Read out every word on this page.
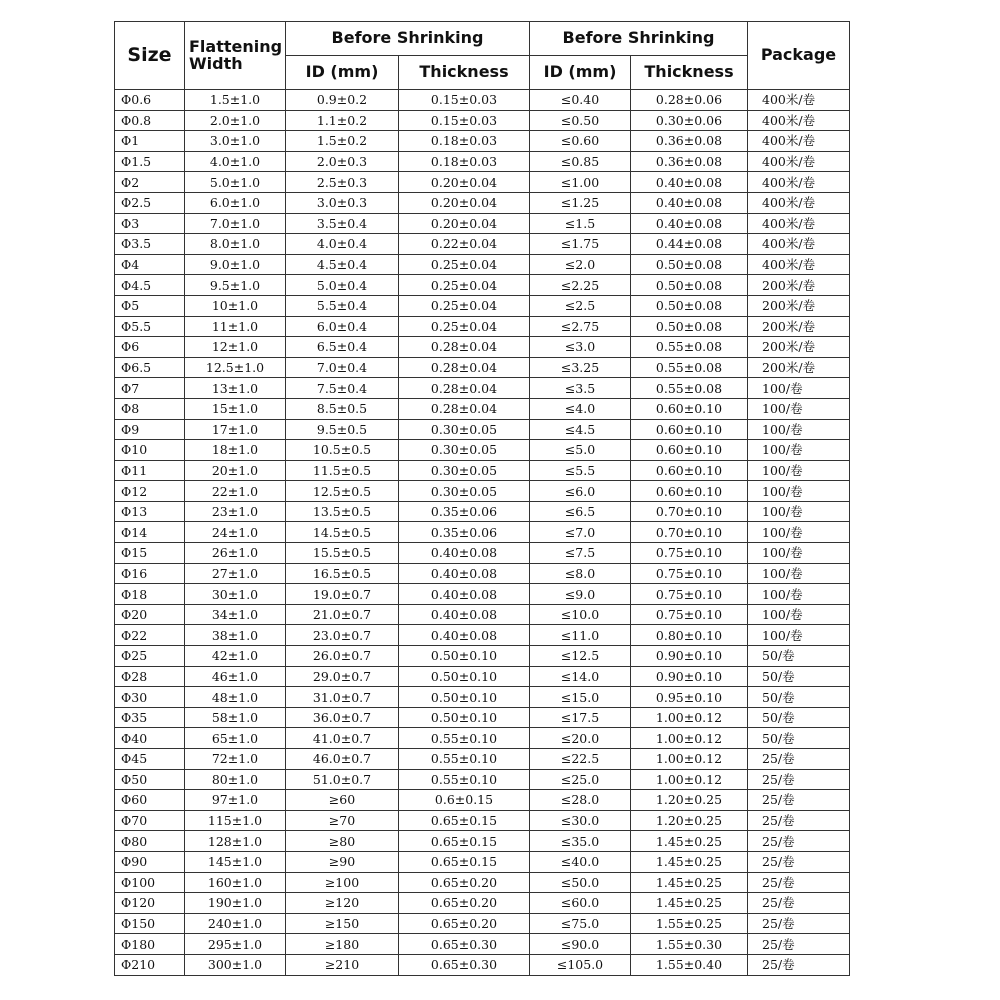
Size	Flattening Width	Before Shrinking		Before Shrinking		Package
		ID (mm)	Thickness	ID (mm)	Thickness	
Φ0.6	1.5±1.0	0.9±0.2	0.15±0.03	≤0.40	0.28±0.06	400米/卷
Φ0.8	2.0±1.0	1.1±0.2	0.15±0.03	≤0.50	0.30±0.06	400米/卷
Φ1	3.0±1.0	1.5±0.2	0.18±0.03	≤0.60	0.36±0.08	400米/卷
Φ1.5	4.0±1.0	2.0±0.3	0.18±0.03	≤0.85	0.36±0.08	400米/卷
Φ2	5.0±1.0	2.5±0.3	0.20±0.04	≤1.00	0.40±0.08	400米/卷
Φ2.5	6.0±1.0	3.0±0.3	0.20±0.04	≤1.25	0.40±0.08	400米/卷
Φ3	7.0±1.0	3.5±0.4	0.20±0.04	≤1.5	0.40±0.08	400米/卷
Φ3.5	8.0±1.0	4.0±0.4	0.22±0.04	≤1.75	0.44±0.08	400米/卷
Φ4	9.0±1.0	4.5±0.4	0.25±0.04	≤2.0	0.50±0.08	400米/卷
Φ4.5	9.5±1.0	5.0±0.4	0.25±0.04	≤2.25	0.50±0.08	200米/卷
Φ5	10±1.0	5.5±0.4	0.25±0.04	≤2.5	0.50±0.08	200米/卷
Φ5.5	11±1.0	6.0±0.4	0.25±0.04	≤2.75	0.50±0.08	200米/卷
Φ6	12±1.0	6.5±0.4	0.28±0.04	≤3.0	0.55±0.08	200米/卷
Φ6.5	12.5±1.0	7.0±0.4	0.28±0.04	≤3.25	0.55±0.08	200米/卷
Φ7	13±1.0	7.5±0.4	0.28±0.04	≤3.5	0.55±0.08	100/卷
Φ8	15±1.0	8.5±0.5	0.28±0.04	≤4.0	0.60±0.10	100/卷
Φ9	17±1.0	9.5±0.5	0.30±0.05	≤4.5	0.60±0.10	100/卷
Φ10	18±1.0	10.5±0.5	0.30±0.05	≤5.0	0.60±0.10	100/卷
Φ11	20±1.0	11.5±0.5	0.30±0.05	≤5.5	0.60±0.10	100/卷
Φ12	22±1.0	12.5±0.5	0.30±0.05	≤6.0	0.60±0.10	100/卷
Φ13	23±1.0	13.5±0.5	0.35±0.06	≤6.5	0.70±0.10	100/卷
Φ14	24±1.0	14.5±0.5	0.35±0.06	≤7.0	0.70±0.10	100/卷
Φ15	26±1.0	15.5±0.5	0.40±0.08	≤7.5	0.75±0.10	100/卷
Φ16	27±1.0	16.5±0.5	0.40±0.08	≤8.0	0.75±0.10	100/卷
Φ18	30±1.0	19.0±0.7	0.40±0.08	≤9.0	0.75±0.10	100/卷
Φ20	34±1.0	21.0±0.7	0.40±0.08	≤10.0	0.75±0.10	100/卷
Φ22	38±1.0	23.0±0.7	0.40±0.08	≤11.0	0.80±0.10	100/卷
Φ25	42±1.0	26.0±0.7	0.50±0.10	≤12.5	0.90±0.10	50/卷
Φ28	46±1.0	29.0±0.7	0.50±0.10	≤14.0	0.90±0.10	50/卷
Φ30	48±1.0	31.0±0.7	0.50±0.10	≤15.0	0.95±0.10	50/卷
Φ35	58±1.0	36.0±0.7	0.50±0.10	≤17.5	1.00±0.12	50/卷
Φ40	65±1.0	41.0±0.7	0.55±0.10	≤20.0	1.00±0.12	50/卷
Φ45	72±1.0	46.0±0.7	0.55±0.10	≤22.5	1.00±0.12	25/卷
Φ50	80±1.0	51.0±0.7	0.55±0.10	≤25.0	1.00±0.12	25/卷
Φ60	97±1.0	≥60	0.6±0.15	≤28.0	1.20±0.25	25/卷
Φ70	115±1.0	≥70	0.65±0.15	≤30.0	1.20±0.25	25/卷
Φ80	128±1.0	≥80	0.65±0.15	≤35.0	1.45±0.25	25/卷
Φ90	145±1.0	≥90	0.65±0.15	≤40.0	1.45±0.25	25/卷
Φ100	160±1.0	≥100	0.65±0.20	≤50.0	1.45±0.25	25/卷
Φ120	190±1.0	≥120	0.65±0.20	≤60.0	1.45±0.25	25/卷
Φ150	240±1.0	≥150	0.65±0.20	≤75.0	1.55±0.25	25/卷
Φ180	295±1.0	≥180	0.65±0.30	≤90.0	1.55±0.30	25/卷
Φ210	300±1.0	≥210	0.65±0.30	≤105.0	1.55±0.40	25/卷
